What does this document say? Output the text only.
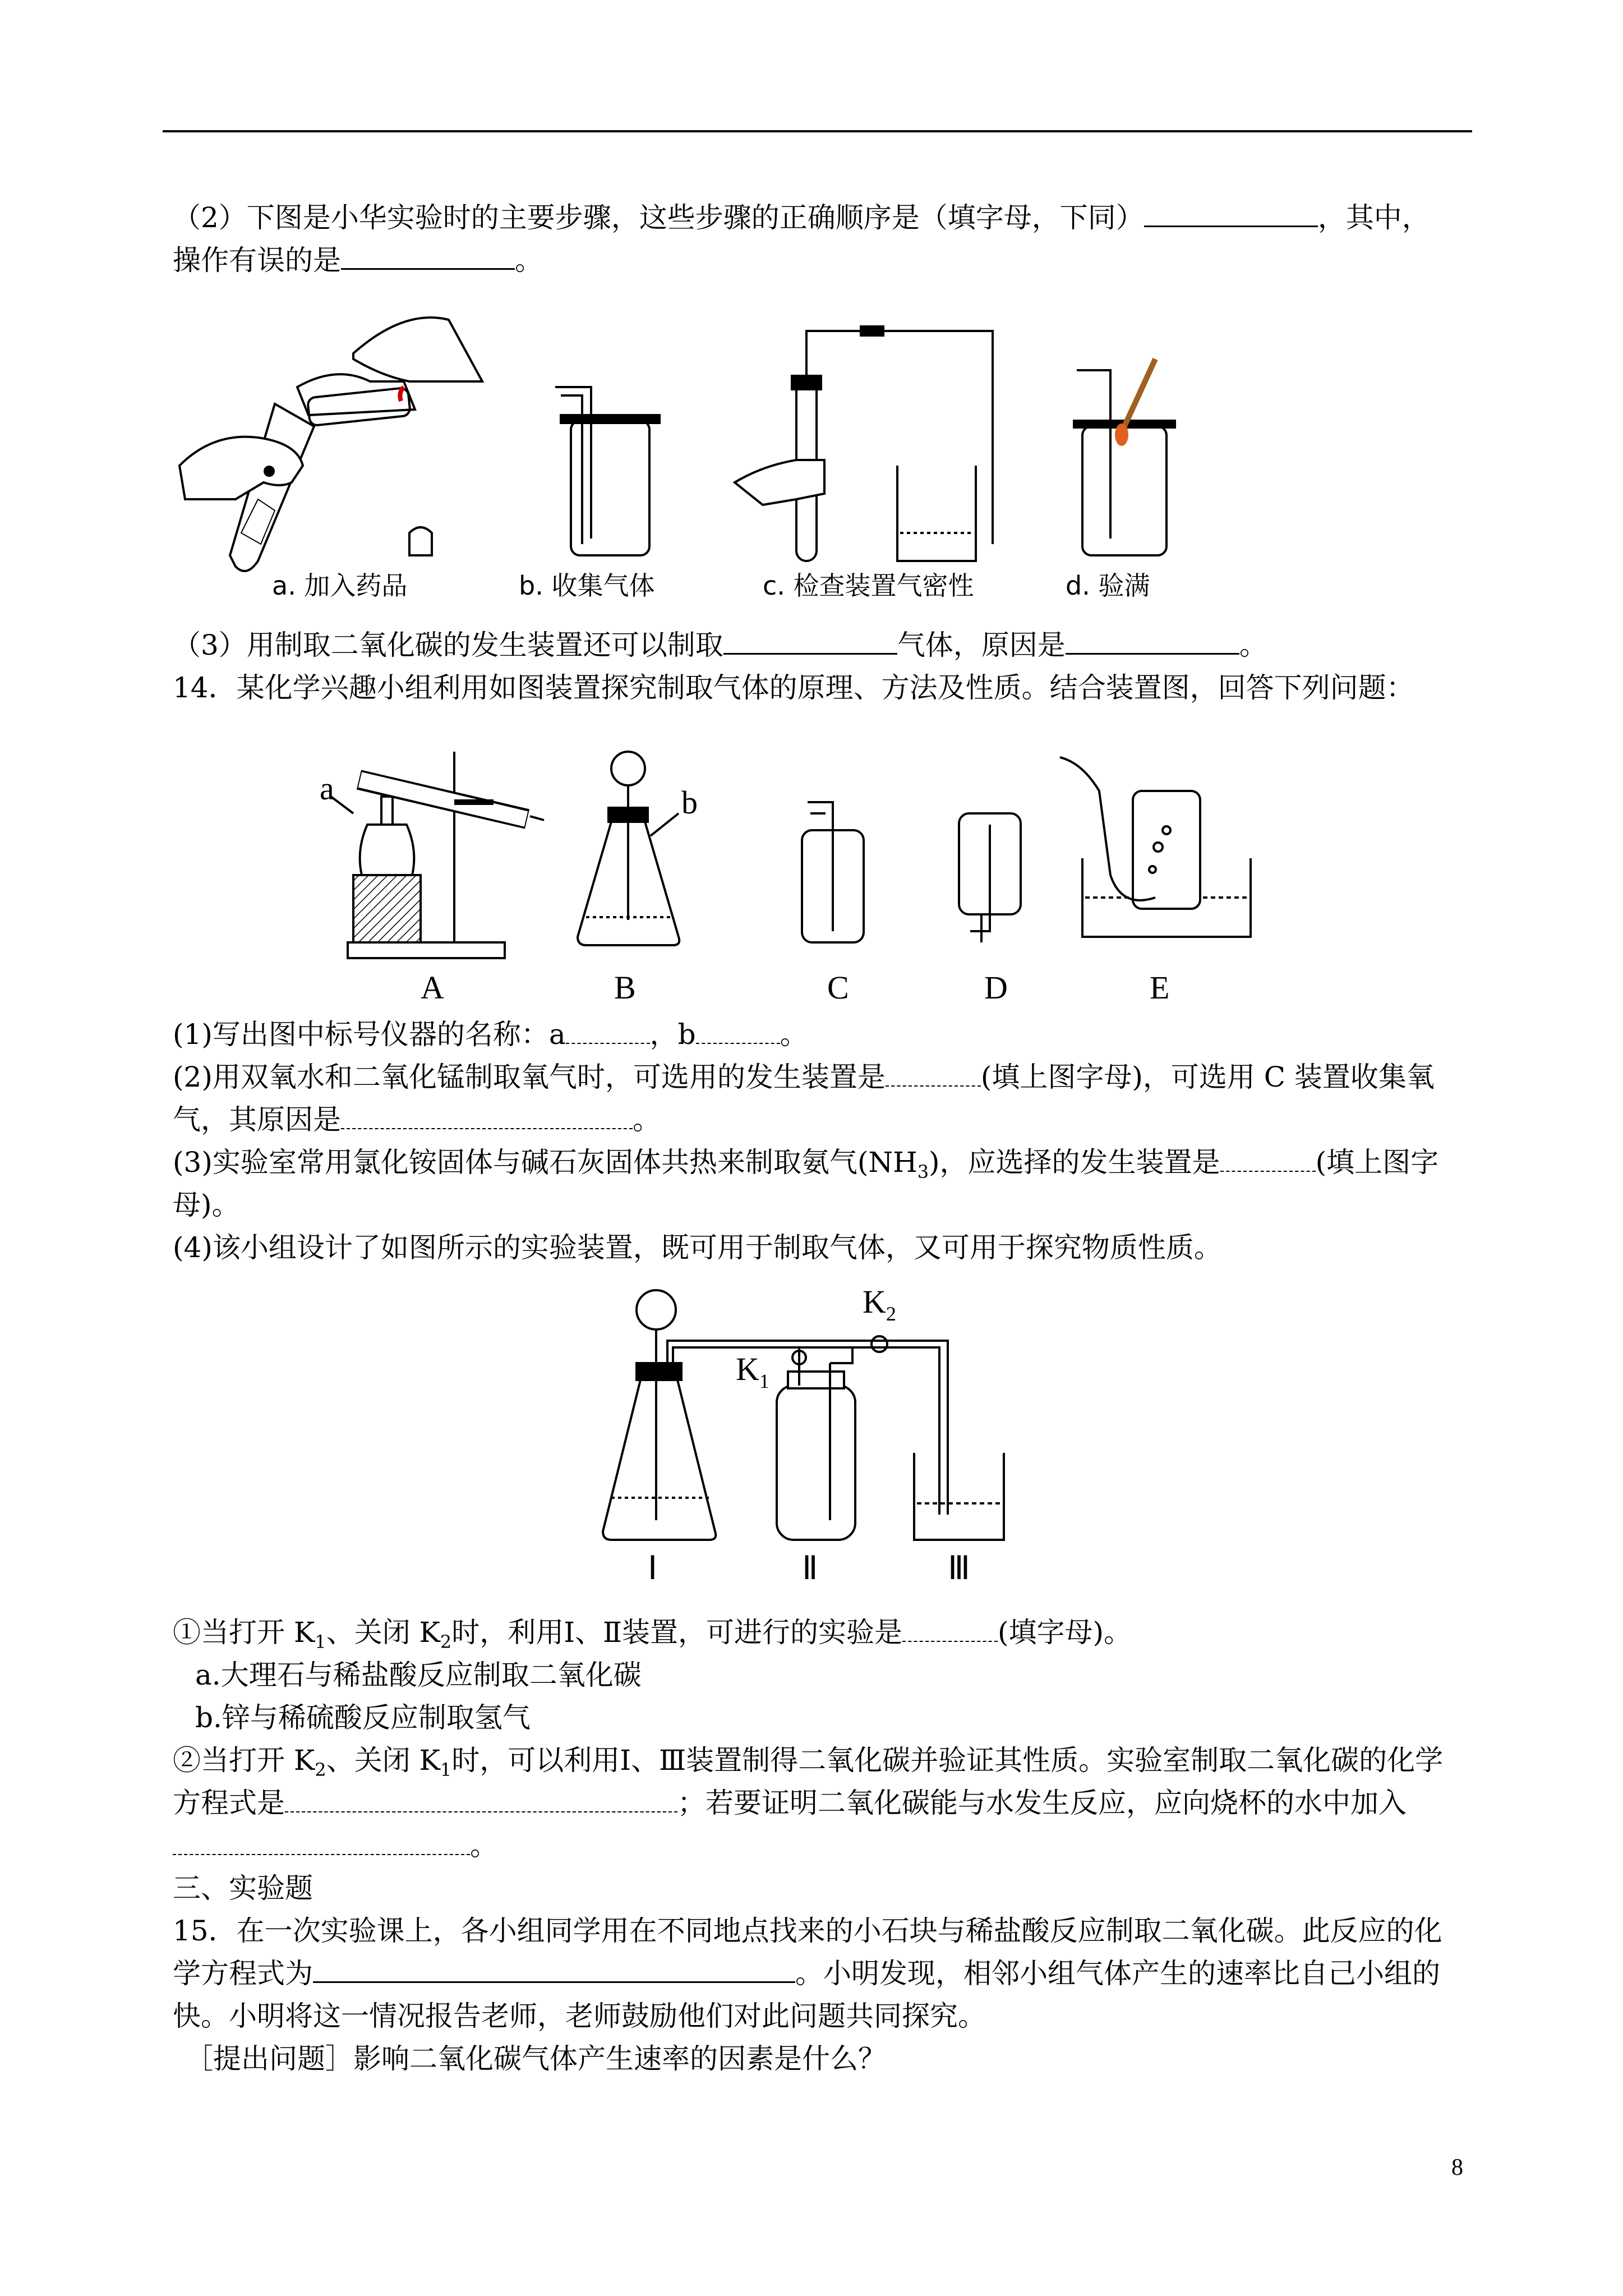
（2）下图是小华实验时的主要步骤，这些步骤的正确顺序是（填字母，下同）	，其中，
操作有误的是	。
a. 加入药品	b. 收集气体	c. 检查装置气密性	d. 验满
（3）用制取二氧化碳的发生装置还可以制取	气体，原因是	。
14．某化学兴趣小组利用如图装置探究制取气体的原理、方法及性质。结合装置图，回答下列问题：
a
A
b
B	C	D	E
(1)写出图中标号仪器的名称：a	，b	。
(2)用双氧水和二氧化锰制取氧气时，可选用的发生装置是	(填上图字母)，可选用 C 装置收集氧
气，其原因是	。
(3)实验室常用氯化铵固体与碱石灰固体共热来制取氨气$(NH_3)$，应选择的发生装置是	(填上图字
母)。
(4)该小组设计了如图所示的实验装置，既可用于制取气体，又可用于探究物质性质。
Ⅰ	Ⅱ
$K_1$
Ⅲ
$K_2$
①当打开 $K_1$、关闭 $K_2$时，利用Ⅰ、Ⅱ装置，可进行的实验是	(填字母)。
a.大理石与稀盐酸反应制取二氧化碳
b.锌与稀硫酸反应制取氢气
②当打开 $K_2$、关闭 $K_1$时，可以利用Ⅰ、Ⅲ装置制得二氧化碳并验证其性质。实验室制取二氧化碳的化学
方程式是	；若要证明二氧化碳能与水发生反应，应向烧杯的水中加入
。
三、实验题
15．在一次实验课上，各小组同学用在不同地点找来的小石块与稀盐酸反应制取二氧化碳。此反应的化
学方程式为	。小明发现，相邻小组气体产生的速率比自己小组的
快。小明将这一情况报告老师，老师鼓励他们对此问题共同探究。
［提出问题］影响二氧化碳气体产生速率的因素是什么？
8
